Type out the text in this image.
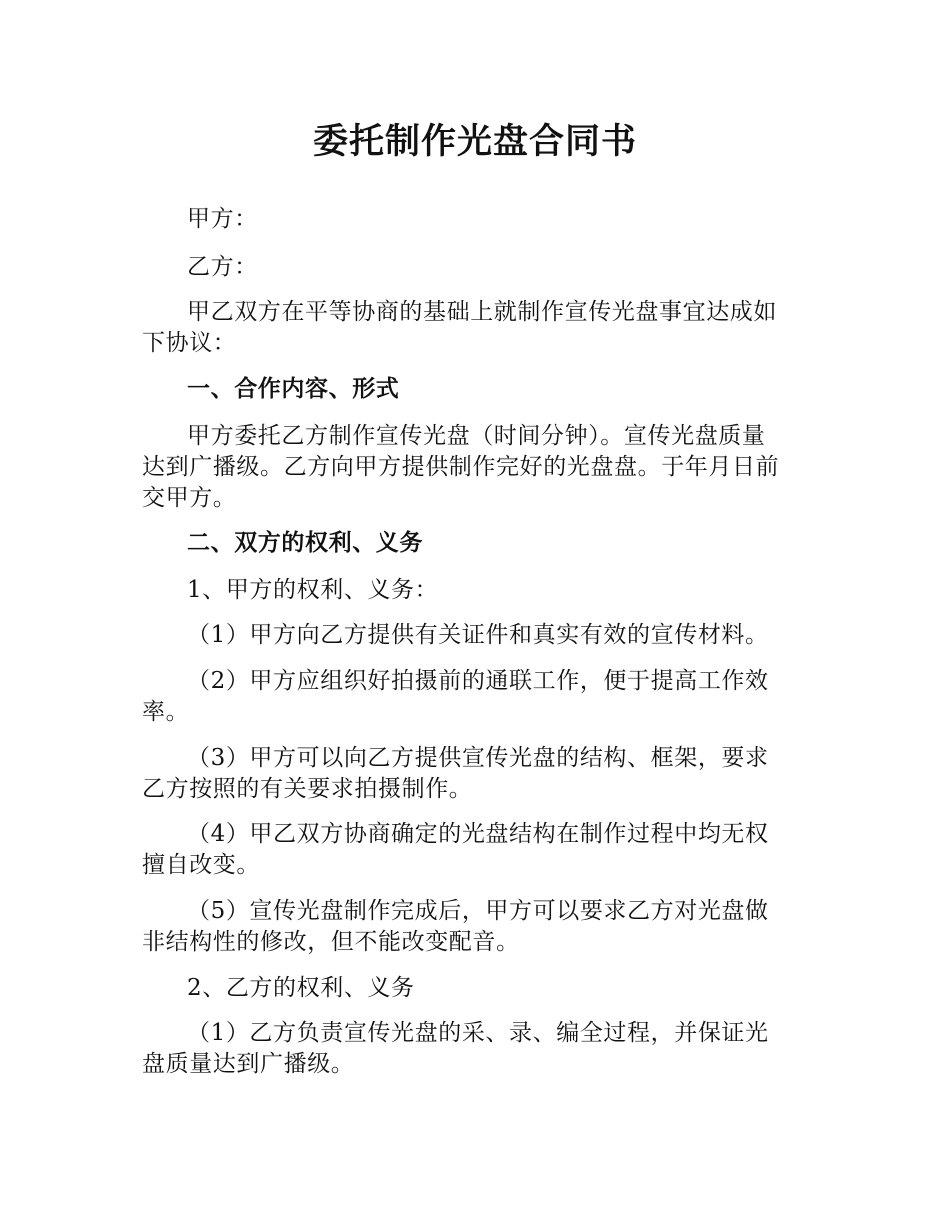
委托制作光盘合同书

甲方：

乙方：

甲乙双方在平等协商的基础上就制作宣传光盘事宜达成如
下协议：

一、合作内容、形式

甲方委托乙方制作宣传光盘（时间分钟）。宣传光盘质量
达到广播级。乙方向甲方提供制作完好的光盘盘。于年月日前
交甲方。

二、双方的权利、义务

1、甲方的权利、义务：

（1）甲方向乙方提供有关证件和真实有效的宣传材料。

（2）甲方应组织好拍摄前的通联工作，便于提高工作效
率。

（3）甲方可以向乙方提供宣传光盘的结构、框架，要求
乙方按照的有关要求拍摄制作。

（4）甲乙双方协商确定的光盘结构在制作过程中均无权
擅自改变。

（5）宣传光盘制作完成后，甲方可以要求乙方对光盘做
非结构性的修改，但不能改变配音。

2、乙方的权利、义务

（1）乙方负责宣传光盘的采、录、编全过程，并保证光
盘质量达到广播级。
